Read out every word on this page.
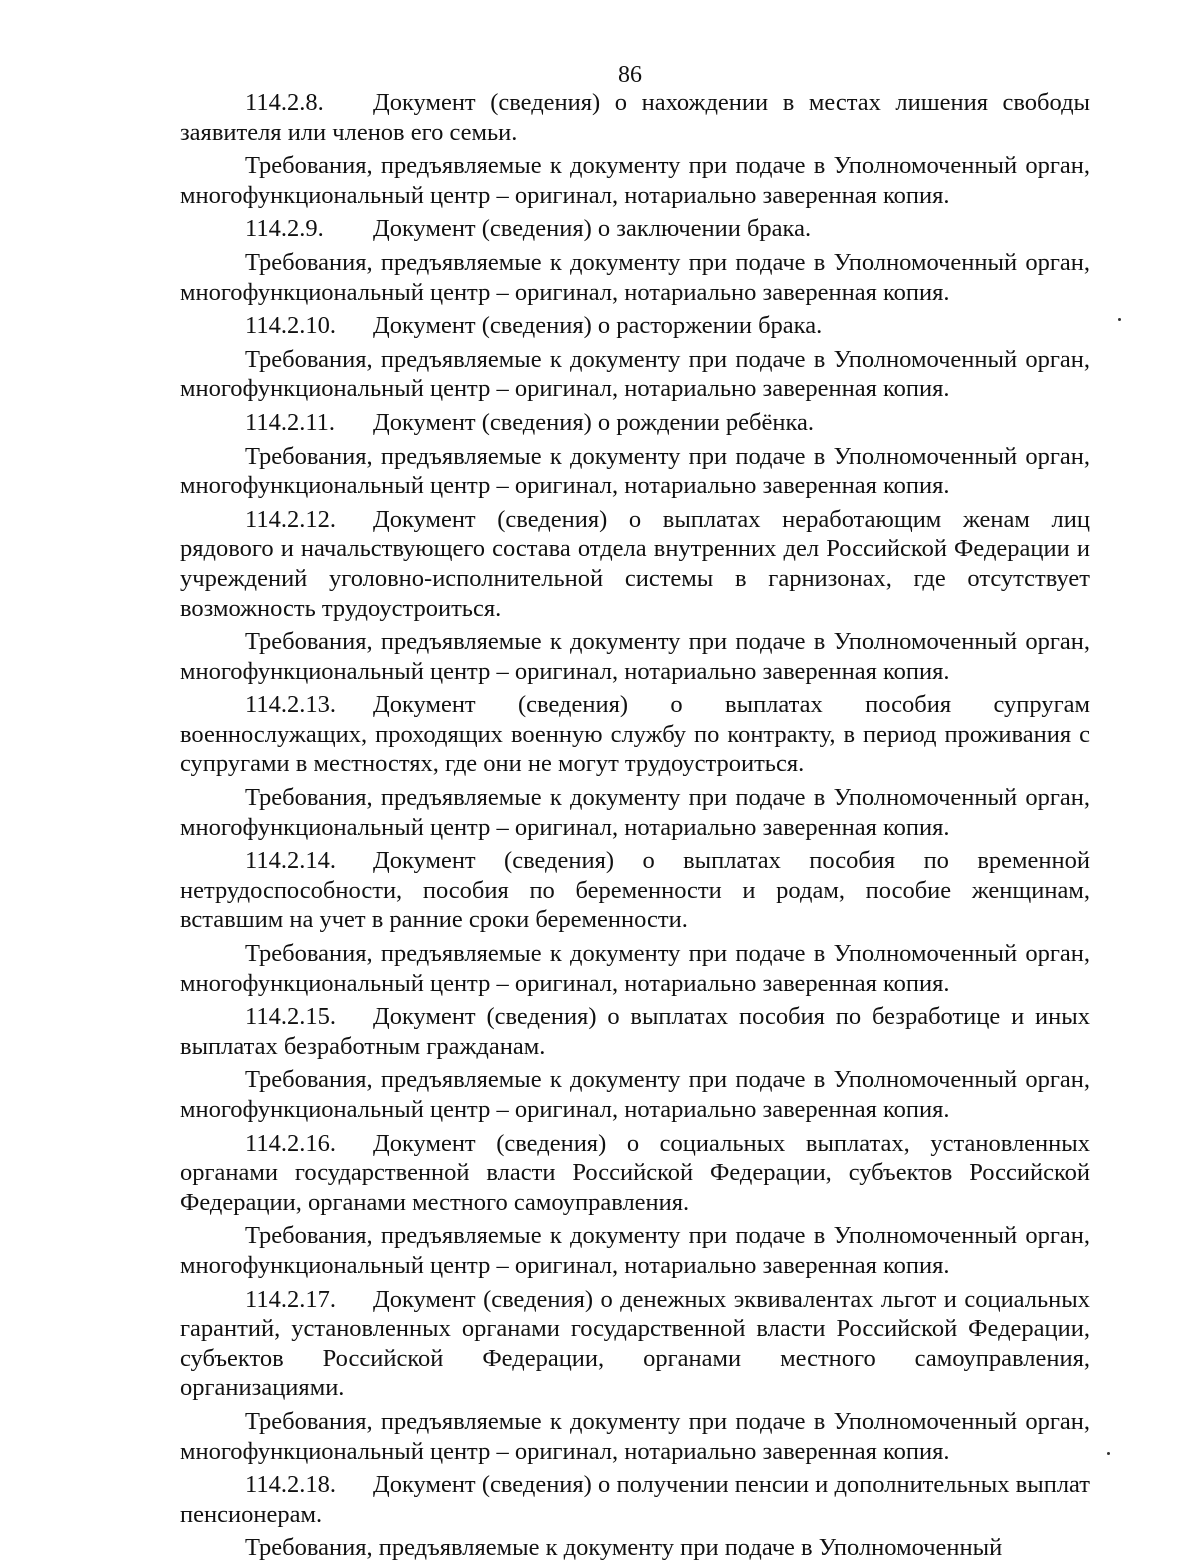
86

114.2.8. Документ (сведения) о нахождении в местах лишения свободы заявителя или членов его семьи.

Требования, предъявляемые к документу при подаче в Уполномоченный орган, многофункциональный центр – оригинал, нотариально заверенная копия.

114.2.9. Документ (сведения) о заключении брака.

Требования, предъявляемые к документу при подаче в Уполномоченный орган, многофункциональный центр – оригинал, нотариально заверенная копия.

114.2.10. Документ (сведения) о расторжении брака.

Требования, предъявляемые к документу при подаче в Уполномоченный орган, многофункциональный центр – оригинал, нотариально заверенная копия.

114.2.11. Документ (сведения) о рождении ребёнка.

Требования, предъявляемые к документу при подаче в Уполномоченный орган, многофункциональный центр – оригинал, нотариально заверенная копия.

114.2.12. Документ (сведения) о выплатах неработающим женам лиц рядового и начальствующего состава отдела внутренних дел Российской Федерации и учреждений уголовно-исполнительной системы в гарнизонах, где отсутствует возможность трудоустроиться.

Требования, предъявляемые к документу при подаче в Уполномоченный орган, многофункциональный центр – оригинал, нотариально заверенная копия.

114.2.13. Документ (сведения) о выплатах пособия супругам военнослужащих, проходящих военную службу по контракту, в период проживания с супругами в местностях, где они не могут трудоустроиться.

Требования, предъявляемые к документу при подаче в Уполномоченный орган, многофункциональный центр – оригинал, нотариально заверенная копия.

114.2.14. Документ (сведения) о выплатах пособия по временной нетрудоспособности, пособия по беременности и родам, пособие женщинам, вставшим на учет в ранние сроки беременности.

Требования, предъявляемые к документу при подаче в Уполномоченный орган, многофункциональный центр – оригинал, нотариально заверенная копия.

114.2.15. Документ (сведения) о выплатах пособия по безработице и иных выплатах безработным гражданам.

Требования, предъявляемые к документу при подаче в Уполномоченный орган, многофункциональный центр – оригинал, нотариально заверенная копия.

114.2.16. Документ (сведения) о социальных выплатах, установленных органами государственной власти Российской Федерации, субъектов Российской Федерации, органами местного самоуправления.

Требования, предъявляемые к документу при подаче в Уполномоченный орган, многофункциональный центр – оригинал, нотариально заверенная копия.

114.2.17. Документ (сведения) о денежных эквивалентах льгот и социальных гарантий, установленных органами государственной власти Российской Федерации, субъектов Российской Федерации, органами местного самоуправления, организациями.

Требования, предъявляемые к документу при подаче в Уполномоченный орган, многофункциональный центр – оригинал, нотариально заверенная копия.

114.2.18. Документ (сведения) о получении пенсии и дополнительных выплат пенсионерам.

Требования, предъявляемые к документу при подаче в Уполномоченный
